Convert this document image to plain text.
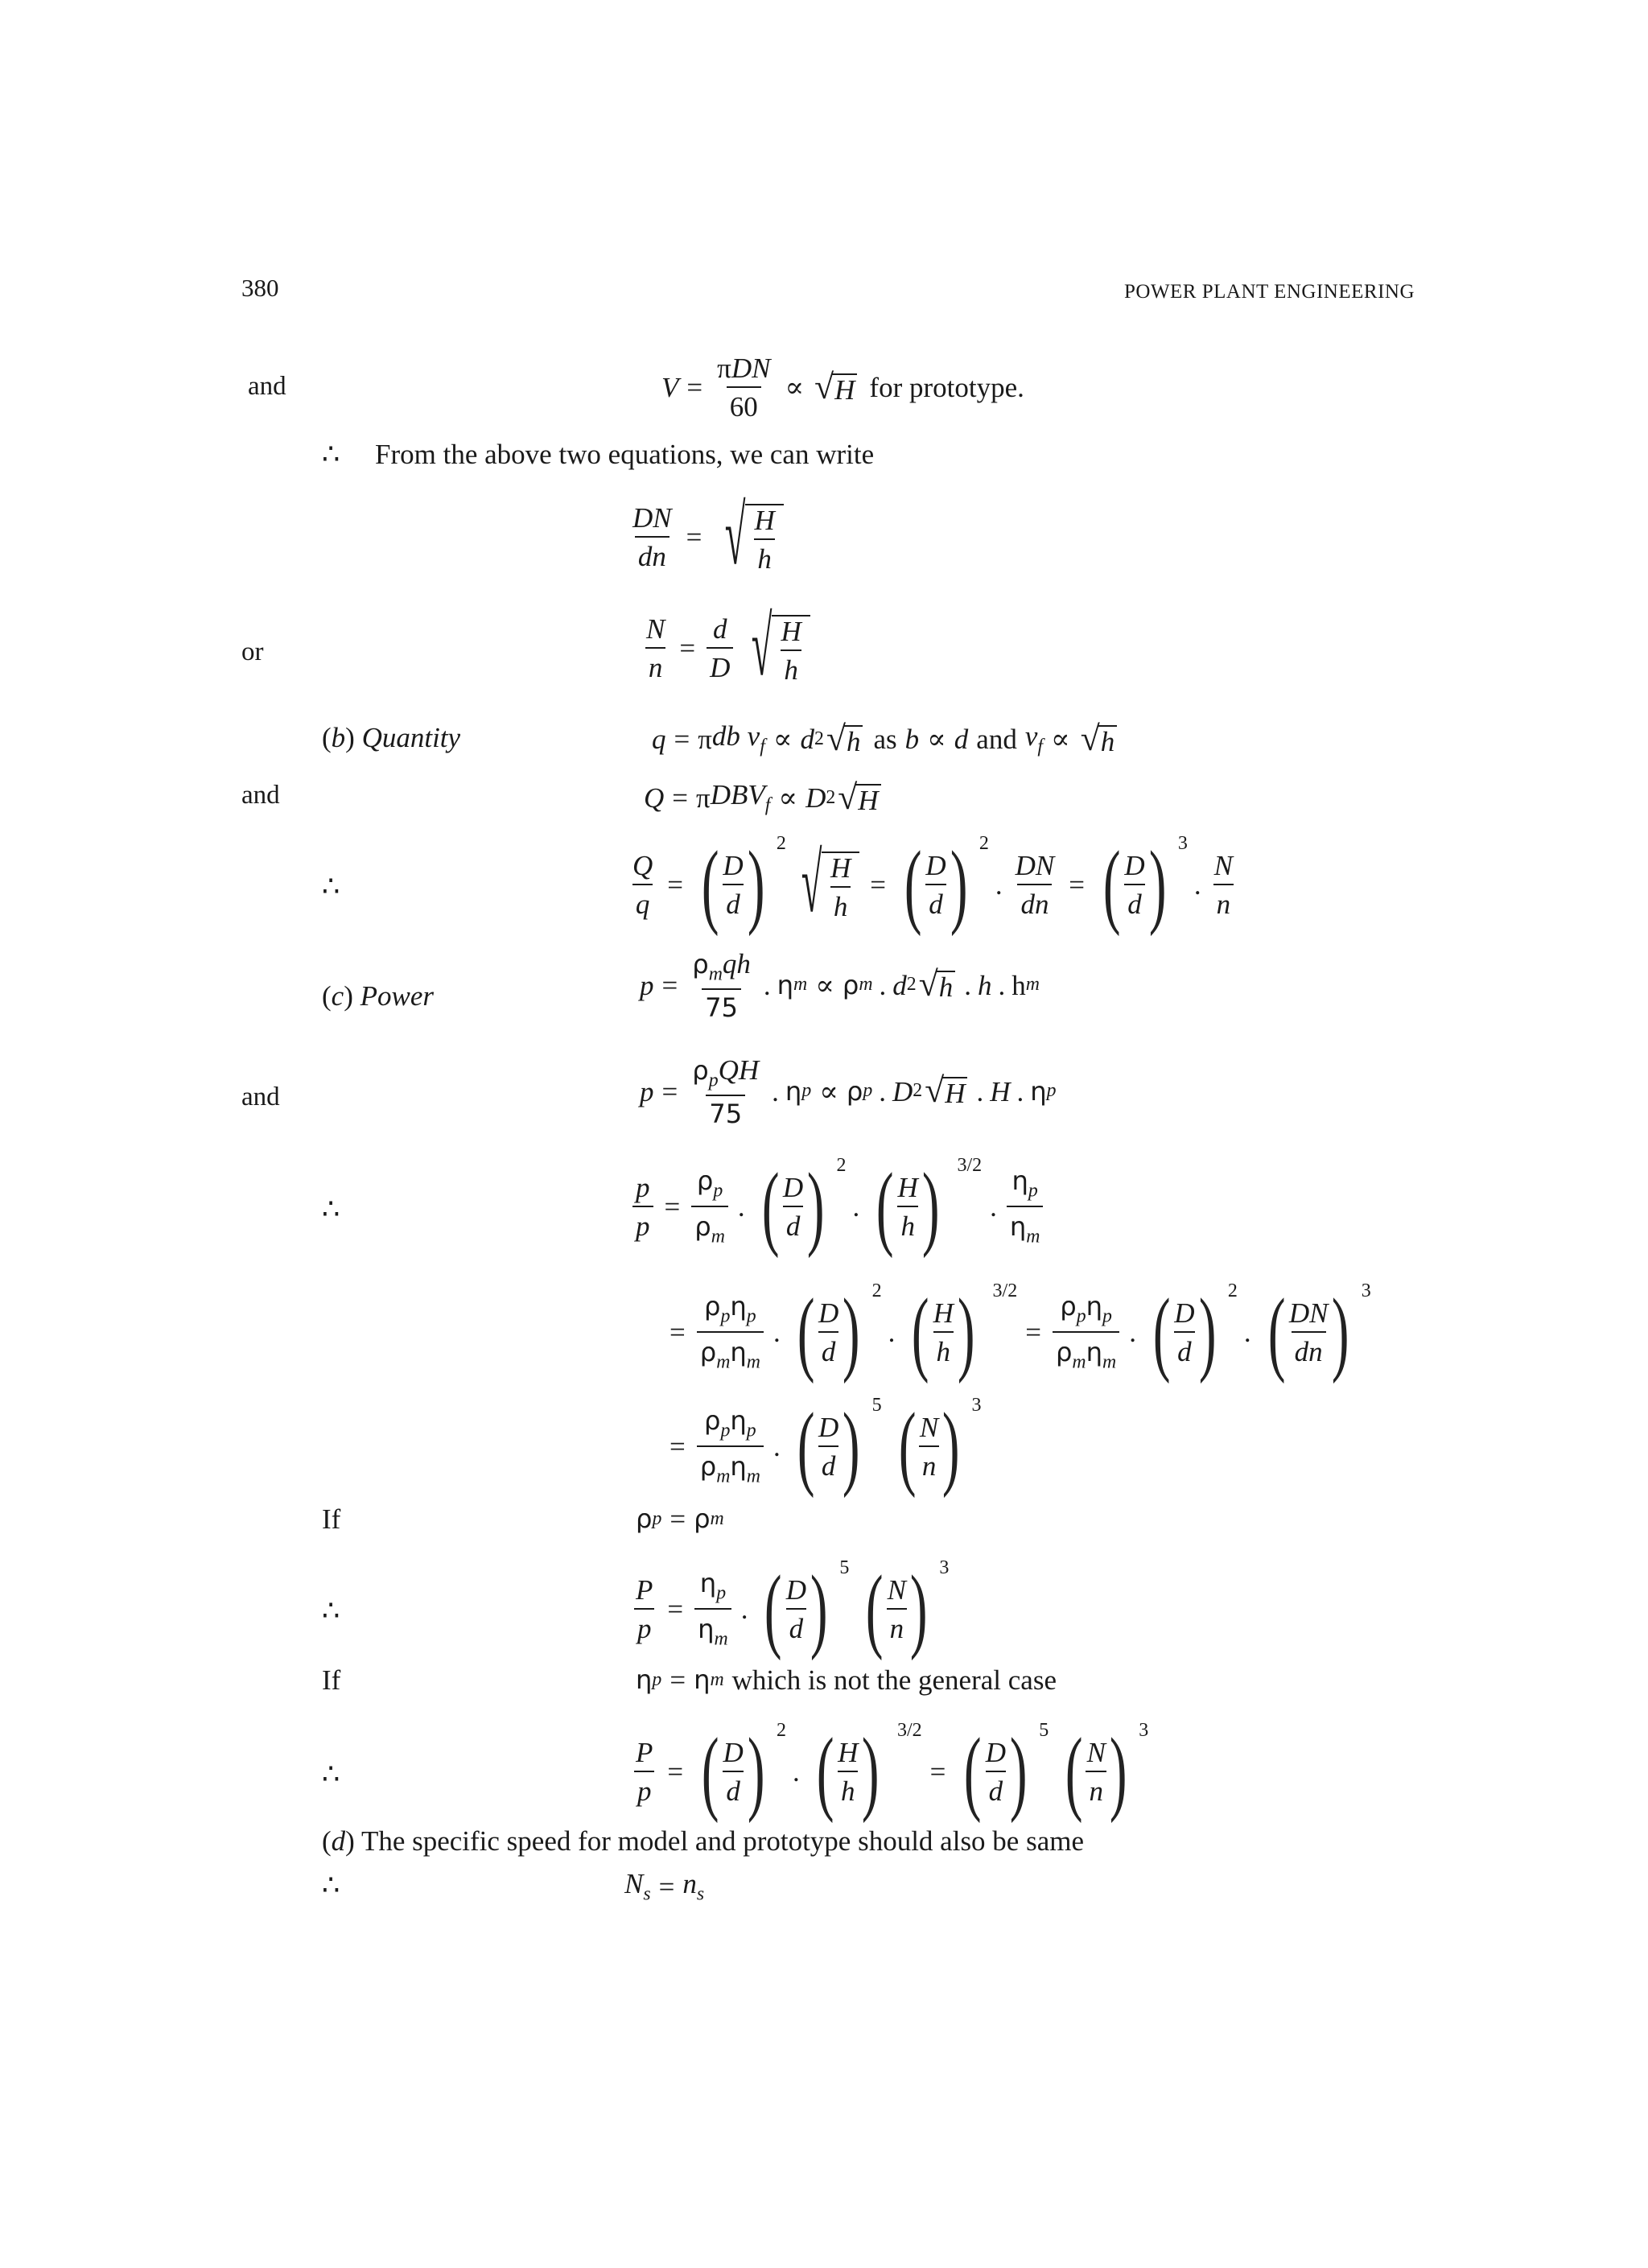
380	POWER PLANT ENGINEERING
and	V =
πDN
60
∝ √ H for prototype.
∴ From the above two equations, we can write
$\frac{DN}{dn}$ = √ $\frac{H}{h}$
or	$\frac{N}{n} = \frac{d}{D}$ √ $\frac{H}{h}$
(b) Quantity	q = π db $v_f \propto d$ 2 √ h as b ∝ d and $v_f$ ∝ √ h
and	Q = π $DBV_f \propto D$ 2 √ H
∴	$\frac{Q}{q}$ = ( D
d ) 2 √ $\frac{H}{h}$ = ( D
d ) 2
. $\frac{DN}{dn}$ = ( D
d ) 3
.
N
n
(c) Power	p =
$\rho_mqh$
75
. η m ∝ ρ m . d 2 √ h . h . h m
and	p =
$\rho_pQH$
75
. η p ∝ ρ p . D 2 √ H . H . η p
∴	$\frac{p}{p} = \frac{\rho_p}{\rho_m}$ . ( D
d ) 2
. ( H
h ) 3/2
.
$\eta_p$
$\eta_m$
=
$\rho_p\eta_p$
$\rho_m\eta_m$
. ( D
d ) 2
. ( H
h ) 3/2
=
$\rho_p\eta_p$
$\rho_m\eta_m$
. ( D
d ) 2
. ( DN
dn ) 3
=
$\rho_p\eta_p$
$\rho_m\eta_m$
. ( D
d ) 5 ( N
n ) 3
If	ρ p = ρ m
∴	$\frac{P}{p} = \frac{\eta_p}{\eta_m}$ . ( D
d ) 5 ( N
n ) 3
If	η p = η m which is not the general case
∴	$\frac{P}{p}$ = ( D
d ) 2
. ( H
h ) 3/2
= ( D
d ) 5 ( N
n ) 3
(d) The specific speed for model and prototype should also be same
∴	$N_s = n_s$
